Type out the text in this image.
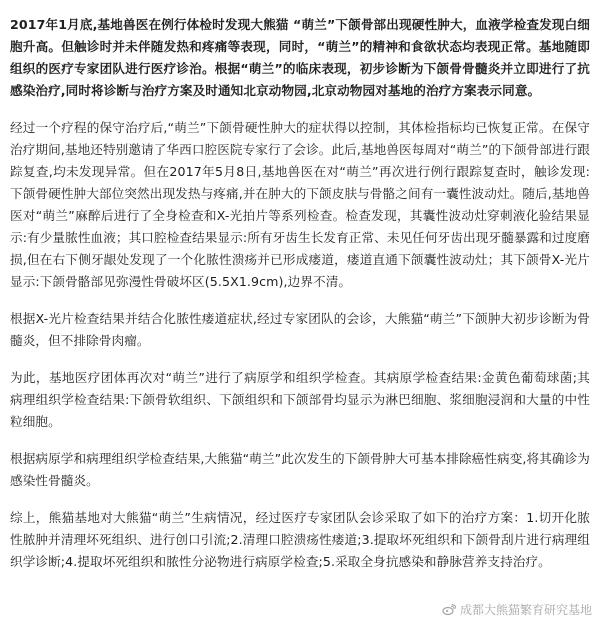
2017年1月底,基地兽医在例行体检时发现大熊猫 “萌兰”下颌骨部出现硬性肿大，血液学检查发现白细胞升高。但触诊时并未伴随发热和疼痛等表现，同时，“萌兰”的精神和食欲状态均表现正常。基地随即组织的医疗专家团队进行医疗诊治。根据“萌兰”的临床表现，初步诊断为下颌骨骨髓炎并立即进行了抗感染治疗,同时将诊断与治疗方案及时通知北京动物园,北京动物园对基地的治疗方案表示同意。

经过一个疗程的保守治疗后,“萌兰”下颌骨硬性肿大的症状得以控制，其体检指标均已恢复正常。在保守治疗期间,基地还特别邀请了华西口腔医院专家行了会诊。此后,基地兽医每周对“萌兰”的下颌骨部进行跟踪复查,均未发现异常。但在2017年5月8日,基地兽医在对“萌兰”再次进行例行跟踪复查时，触诊发现:下颌骨硬性肿大部位突然出现发热与疼痛,并在肿大的下颌皮肤与骨骼之间有一囊性波动灶。随后,基地兽医对“萌兰”麻醉后进行了全身检查和X-光拍片等系列检查。检查发现，其囊性波动灶穿刺液化验结果显示:有少量脓性血液；其口腔检查结果显示:所有牙齿生长发育正常、未见任何牙齿出现牙髓暴露和过度磨损,但在右下侧牙龈处发现了一个化脓性溃疡并已形成瘘道，瘘道直通下颌囊性波动灶；其下颌骨X-光片显示:下颌骨骼部见弥漫性骨破坏区(5.5X1.9cm),边界不清。

根据X-光片检查结果并结合化脓性瘘道症状,经过专家团队的会诊，大熊猫“萌兰”下颌肿大初步诊断为骨髓炎，但不排除骨肉瘤。

为此，基地医疗团体再次对“萌兰”进行了病原学和组织学检查。其病原学检查结果:金黄色葡萄球菌;其病理组织学检查结果:下颌骨软组织、下颌组织和下颌部骨均显示为淋巴细胞、浆细胞浸润和大量的中性粒细胞。

根据病原学和病理组织学检查结果,大熊猫“萌兰”此次发生的下颌骨肿大可基本排除癌性病变,将其确诊为感染性骨髓炎。

综上，熊猫基地对大熊猫“萌兰”生病情况，经过医疗专家团队会诊采取了如下的治疗方案：1.切开化脓性脓肿并清理坏死组织、进行创口引流;2.清理口腔溃疡性瘘道;3.提取坏死组织和下颌骨刮片进行病理组织学诊断;4.提取坏死组织和脓性分泌物进行病原学检查;5.采取全身抗感染和静脉营养支持治疗。

成都大熊猫繁育研究基地
